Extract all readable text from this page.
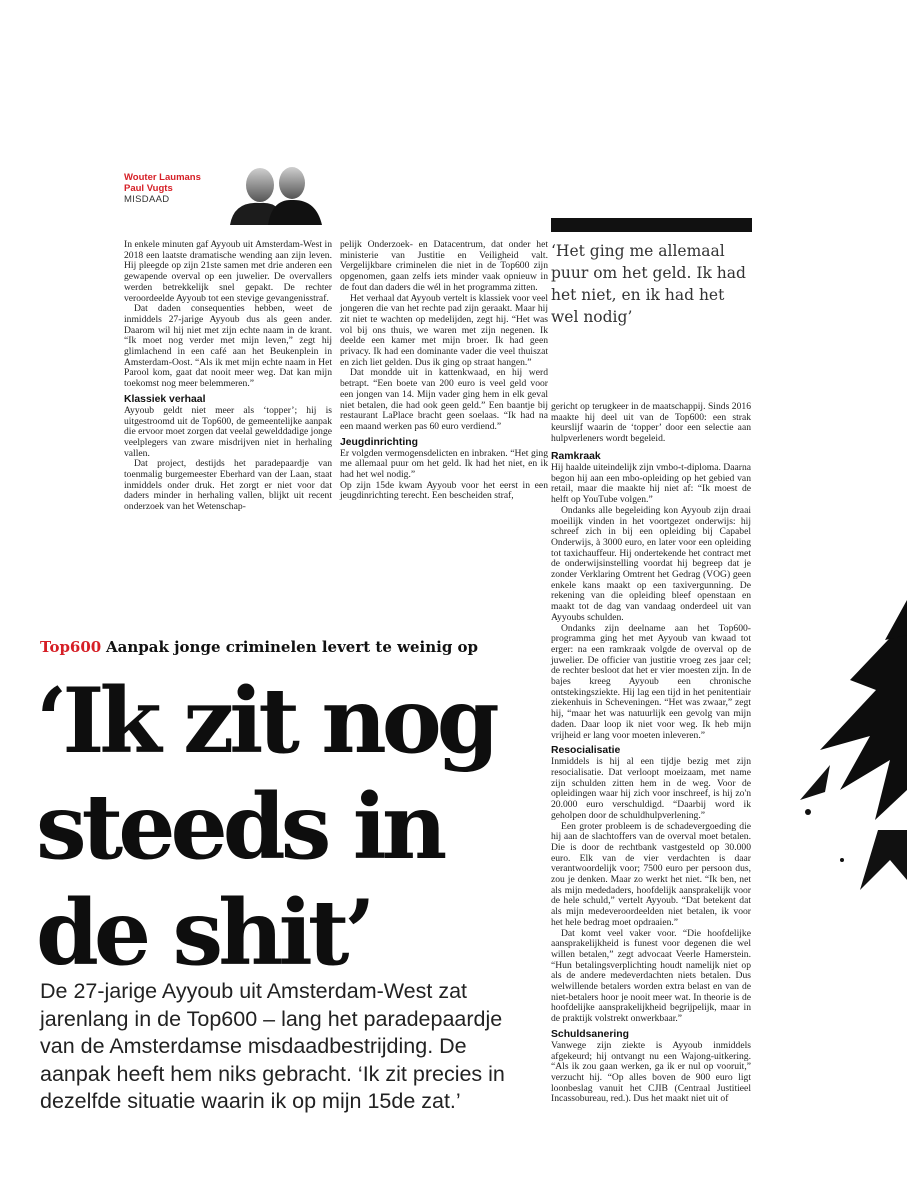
Wouter Laumans
Paul Vugts
MISDAAD

In enkele minuten gaf Ayyoub uit Amsterdam-West in 2018 een laatste dramatische wending aan zijn leven. Hij pleegde op zijn 21ste samen met drie anderen een gewapende overval op een juwelier. De overvallers werden betrekkelijk snel gepakt. De rechter veroordeelde Ayyoub tot een stevige gevangenisstraf.

Dat daden consequenties hebben, weet de inmiddels 27-jarige Ayyoub dus als geen ander. Daarom wil hij niet met zijn echte naam in de krant. “Ik moet nog verder met mijn leven,” zegt hij glimlachend in een café aan het Beukenplein in Amsterdam-Oost. “Als ik met mijn echte naam in Het Parool kom, gaat dat nooit meer weg. Dat kan mijn toekomst nog meer belemmeren.”

Klassiek verhaal

Ayyoub geldt niet meer als ‘topper’; hij is uitgestroomd uit de Top600, de gemeentelijke aanpak die ervoor moet zorgen dat veelal gewelddadige jonge veelplegers van zware misdrijven niet in herhaling vallen.

Dat project, destijds het paradepaardje van toenmalig burgemeester Eberhard van der Laan, staat inmiddels onder druk. Het zorgt er niet voor dat daders minder in herhaling vallen, blijkt uit recent onderzoek van het Wetenschap-

pelijk Onderzoek- en Datacentrum, dat onder het ministerie van Justitie en Veiligheid valt. Vergelijkbare criminelen die niet in de Top600 zijn opgenomen, gaan zelfs iets minder vaak opnieuw in de fout dan daders die wél in het programma zitten.

Het verhaal dat Ayyoub vertelt is klassiek voor veel jongeren die van het rechte pad zijn geraakt. Maar hij zit niet te wachten op medelijden, zegt hij. “Het was vol bij ons thuis, we waren met zijn negenen. Ik deelde een kamer met mijn broer. Ik had geen privacy. Ik had een dominante vader die veel thuiszat en zich liet gelden. Dus ik ging op straat hangen.”

Dat mondde uit in kattenkwaad, en hij werd betrapt. “Een boete van 200 euro is veel geld voor een jongen van 14. Mijn vader ging hem in elk geval niet betalen, die had ook geen geld.” Een baantje bij restaurant LaPlace bracht geen soelaas. “Ik had na een maand werken pas 60 euro verdiend.”

Jeugdinrichting

Er volgden vermogensdelicten en inbraken. “Het ging me allemaal puur om het geld. Ik had het niet, en ik had het wel nodig.”

Op zijn 15de kwam Ayyoub voor het eerst in een jeugdinrichting terecht. Een bescheiden straf,

‘Het ging me allemaal puur om het geld. Ik had het niet, en ik had het wel nodig’

gericht op terugkeer in de maatschappij. Sinds 2016 maakte hij deel uit van de Top600: een strak keurslijf waarin de ‘topper’ door een selectie aan hulpverleners wordt begeleid.

Ramkraak

Hij haalde uiteindelijk zijn vmbo-t-diploma. Daarna begon hij aan een mbo-opleiding op het gebied van retail, maar die maakte hij niet af: “Ik moest de helft op YouTube volgen.”

Ondanks alle begeleiding kon Ayyoub zijn draai moeilijk vinden in het voortgezet onderwijs: hij schreef zich in bij een opleiding bij Capabel Onderwijs, à 3000 euro, en later voor een opleiding tot taxichauffeur. Hij ondertekende het contract met de onderwijsinstelling voordat hij begreep dat je zonder Verklaring Omtrent het Gedrag (VOG) geen enkele kans maakt op een taxivergunning. De rekening van die opleiding bleef openstaan en maakt tot de dag van vandaag onderdeel uit van Ayyoubs schulden.

Ondanks zijn deelname aan het Top600-programma ging het met Ayyoub van kwaad tot erger: na een ramkraak volgde de overval op de juwelier. De officier van justitie vroeg zes jaar cel; de rechter besloot dat het er vier moesten zijn. In de bajes kreeg Ayyoub een chronische ontstekingsziekte. Hij lag een tijd in het penitentiair ziekenhuis in Scheveningen. “Het was zwaar,” zegt hij, “maar het was natuurlijk een gevolg van mijn daden. Daar loop ik niet voor weg. Ik heb mijn vrijheid er lang voor moeten inleveren.”

Resocialisatie

Inmiddels is hij al een tijdje bezig met zijn resocialisatie. Dat verloopt moeizaam, met name zijn schulden zitten hem in de weg. Voor de opleidingen waar hij zich voor inschreef, is hij zo'n 20.000 euro verschuldigd. “Daarbij word ik geholpen door de schuldhulpverlening.”

Een groter probleem is de schadevergoeding die hij aan de slachtoffers van de overval moet betalen. Die is door de rechtbank vastgesteld op 30.000 euro. Elk van de vier verdachten is daar verantwoordelijk voor; 7500 euro per persoon dus, zou je denken. Maar zo werkt het niet. “Ik ben, net als mijn mededaders, hoofdelijk aansprakelijk voor de hele schuld,” vertelt Ayyoub. “Dat betekent dat als mijn medeveroordeelden niet betalen, ik voor het hele bedrag moet opdraaien.”

Dat komt veel vaker voor. “Die hoofdelijke aansprakelijkheid is funest voor degenen die wel willen betalen,” zegt advocaat Veerle Hamerstein. “Hun betalingsverplichting houdt namelijk niet op als de andere medeverdachten niets betalen. Dus welwillende betalers worden extra belast en van de niet-betalers hoor je nooit meer wat. In theorie is de hoofdelijke aansprakelijkheid begrijpelijk, maar in de praktijk volstrekt onwerkbaar.”

Schuldsanering

Vanwege zijn ziekte is Ayyoub inmiddels afgekeurd; hij ontvangt nu een Wajong-uitkering. “Als ik zou gaan werken, ga ik er nul op vooruit,” verzucht hij. “Op alles boven de 900 euro ligt loonbeslag vanuit het CJIB (Centraal Justitieel Incassobureau, red.). Dus het maakt niet uit of

Top600 Aanpak jonge criminelen levert te weinig op
‘Ik zit nog
steeds in
de shit’
De 27-jarige Ayyoub uit Amsterdam-West zat jarenlang in de Top600 – lang het paradepaardje van de Amsterdamse misdaadbestrijding. De aanpak heeft hem niks gebracht. ‘Ik zit precies in dezelfde situatie waarin ik op mijn 15de zat.’
